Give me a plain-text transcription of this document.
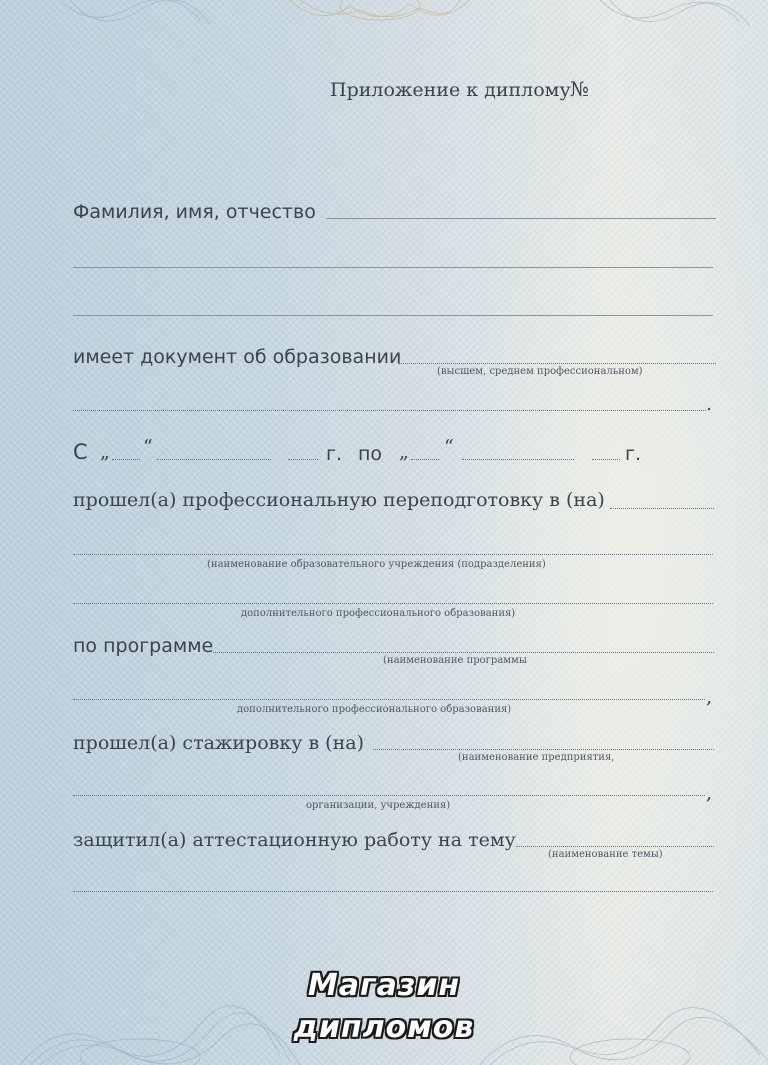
Приложение к диплому №
Фамилия, имя, отчество
имеет документ об образовании
(высшем, среднем профессиональном)
.
С „ “	г. по „ “	г.
прошел(а) профессиональную переподготовку в (на)
(наименование образовательного учреждения (подразделения)
дополнительного профессионального образования)
по программе
(наименование программы
,
дополнительного профессионального образования)
прошел(а) стажировку в (на)
(наименование предприятия,
,
организации, учреждения)
защитил(а) аттестационную работу на тему
(наименование темы)
Магазин
дипломов
